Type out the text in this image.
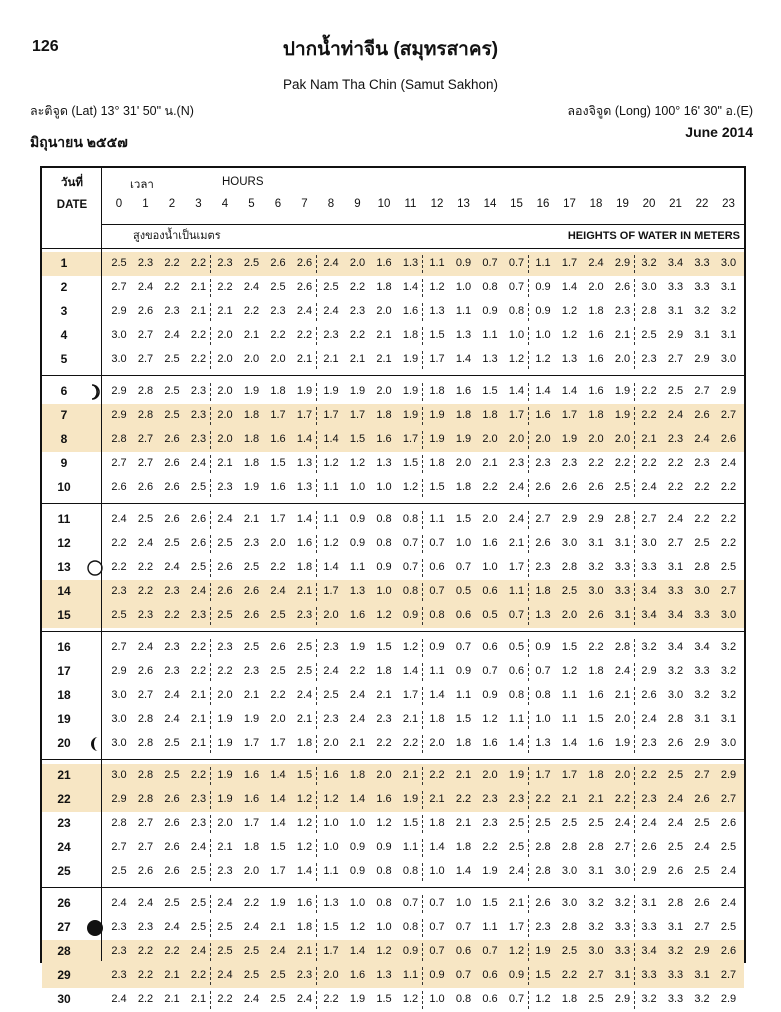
126	ปากน้ำท่าจีน (สมุทรสาคร)
Pak Nam Tha Chin (Samut Sakhon)
ละติจูด (Lat) 13° 31' 50" น.(N)	ลองจิจูด (Long) 100° 16' 30" อ.(E)
มิถุนายน ๒๕๕๗
June 2014
1	2.5	2.3	2.2	2.2	2.3	2.5	2.6	2.6	2.4	2.0	1.6	1.3	1.1	0.9	0.7	0.7	1.1	1.7	2.4	2.9	3.2	3.4	3.3	3.0
2	2.7	2.4	2.2	2.1	2.2	2.4	2.5	2.6	2.5	2.2	1.8	1.4	1.2	1.0	0.8	0.7	0.9	1.4	2.0	2.6	3.0	3.3	3.3	3.1
3	2.9	2.6	2.3	2.1	2.1	2.2	2.3	2.4	2.4	2.3	2.0	1.6	1.3	1.1	0.9	0.8	0.9	1.2	1.8	2.3	2.8	3.1	3.2	3.2
4	3.0	2.7	2.4	2.2	2.0	2.1	2.2	2.2	2.3	2.2	2.1	1.8	1.5	1.3	1.1	1.0	1.0	1.2	1.6	2.1	2.5	2.9	3.1	3.1
5	3.0	2.7	2.5	2.2	2.0	2.0	2.0	2.1	2.1	2.1	2.1	1.9	1.7	1.4	1.3	1.2	1.2	1.3	1.6	2.0	2.3	2.7	2.9	3.0
6	2.9	2.8	2.5	2.3	2.0	1.9	1.8	1.9	1.9	1.9	2.0	1.9	1.8	1.6	1.5	1.4	1.4	1.4	1.6	1.9	2.2	2.5	2.7	2.9
7	2.9	2.8	2.5	2.3	2.0	1.8	1.7	1.7	1.7	1.7	1.8	1.9	1.9	1.8	1.8	1.7	1.6	1.7	1.8	1.9	2.2	2.4	2.6	2.7
8	2.8	2.7	2.6	2.3	2.0	1.8	1.6	1.4	1.4	1.5	1.6	1.7	1.9	1.9	2.0	2.0	2.0	1.9	2.0	2.0	2.1	2.3	2.4	2.6
9	2.7	2.7	2.6	2.4	2.1	1.8	1.5	1.3	1.2	1.2	1.3	1.5	1.8	2.0	2.1	2.3	2.3	2.3	2.2	2.2	2.2	2.2	2.3	2.4
10	2.6	2.6	2.6	2.5	2.3	1.9	1.6	1.3	1.1	1.0	1.0	1.2	1.5	1.8	2.2	2.4	2.6	2.6	2.6	2.5	2.4	2.2	2.2	2.2
11	2.4	2.5	2.6	2.6	2.4	2.1	1.7	1.4	1.1	0.9	0.8	0.8	1.1	1.5	2.0	2.4	2.7	2.9	2.9	2.8	2.7	2.4	2.2	2.2
12	2.2	2.4	2.5	2.6	2.5	2.3	2.0	1.6	1.2	0.9	0.8	0.7	0.7	1.0	1.6	2.1	2.6	3.0	3.1	3.1	3.0	2.7	2.5	2.2
13	2.2	2.2	2.4	2.5	2.6	2.5	2.2	1.8	1.4	1.1	0.9	0.7	0.6	0.7	1.0	1.7	2.3	2.8	3.2	3.3	3.3	3.1	2.8	2.5
14	2.3	2.2	2.3	2.4	2.6	2.6	2.4	2.1	1.7	1.3	1.0	0.8	0.7	0.5	0.6	1.1	1.8	2.5	3.0	3.3	3.4	3.3	3.0	2.7
15	2.5	2.3	2.2	2.3	2.5	2.6	2.5	2.3	2.0	1.6	1.2	0.9	0.8	0.6	0.5	0.7	1.3	2.0	2.6	3.1	3.4	3.4	3.3	3.0
16	2.7	2.4	2.3	2.2	2.3	2.5	2.6	2.5	2.3	1.9	1.5	1.2	0.9	0.7	0.6	0.5	0.9	1.5	2.2	2.8	3.2	3.4	3.4	3.2
17	2.9	2.6	2.3	2.2	2.2	2.3	2.5	2.5	2.4	2.2	1.8	1.4	1.1	0.9	0.7	0.6	0.7	1.2	1.8	2.4	2.9	3.2	3.3	3.2
18	3.0	2.7	2.4	2.1	2.0	2.1	2.2	2.4	2.5	2.4	2.1	1.7	1.4	1.1	0.9	0.8	0.8	1.1	1.6	2.1	2.6	3.0	3.2	3.2
19	3.0	2.8	2.4	2.1	1.9	1.9	2.0	2.1	2.3	2.4	2.3	2.1	1.8	1.5	1.2	1.1	1.0	1.1	1.5	2.0	2.4	2.8	3.1	3.1
20	3.0	2.8	2.5	2.1	1.9	1.7	1.7	1.8	2.0	2.1	2.2	2.2	2.0	1.8	1.6	1.4	1.3	1.4	1.6	1.9	2.3	2.6	2.9	3.0
21	3.0	2.8	2.5	2.2	1.9	1.6	1.4	1.5	1.6	1.8	2.0	2.1	2.2	2.1	2.0	1.9	1.7	1.7	1.8	2.0	2.2	2.5	2.7	2.9
22	2.9	2.8	2.6	2.3	1.9	1.6	1.4	1.2	1.2	1.4	1.6	1.9	2.1	2.2	2.3	2.3	2.2	2.1	2.1	2.2	2.3	2.4	2.6	2.7
23	2.8	2.7	2.6	2.3	2.0	1.7	1.4	1.2	1.0	1.0	1.2	1.5	1.8	2.1	2.3	2.5	2.5	2.5	2.5	2.4	2.4	2.4	2.5	2.6
24	2.7	2.7	2.6	2.4	2.1	1.8	1.5	1.2	1.0	0.9	0.9	1.1	1.4	1.8	2.2	2.5	2.8	2.8	2.8	2.7	2.6	2.5	2.4	2.5
25	2.5	2.6	2.6	2.5	2.3	2.0	1.7	1.4	1.1	0.9	0.8	0.8	1.0	1.4	1.9	2.4	2.8	3.0	3.1	3.0	2.9	2.6	2.5	2.4
26	2.4	2.4	2.5	2.5	2.4	2.2	1.9	1.6	1.3	1.0	0.8	0.7	0.7	1.0	1.5	2.1	2.6	3.0	3.2	3.2	3.1	2.8	2.6	2.4
27	2.3	2.3	2.4	2.5	2.5	2.4	2.1	1.8	1.5	1.2	1.0	0.8	0.7	0.7	1.1	1.7	2.3	2.8	3.2	3.3	3.3	3.1	2.7	2.5
28	2.3	2.2	2.2	2.4	2.5	2.5	2.4	2.1	1.7	1.4	1.2	0.9	0.7	0.6	0.7	1.2	1.9	2.5	3.0	3.3	3.4	3.2	2.9	2.6
29	2.3	2.2	2.1	2.2	2.4	2.5	2.5	2.3	2.0	1.6	1.3	1.1	0.9	0.7	0.6	0.9	1.5	2.2	2.7	3.1	3.3	3.3	3.1	2.7
30	2.4	2.2	2.1	2.1	2.2	2.4	2.5	2.4	2.2	1.9	1.5	1.2	1.0	0.8	0.6	0.7	1.2	1.8	2.5	2.9	3.2	3.3	3.2	2.9
วันที่
DATE
เวลา	HOURS
0	1	2	3	4	5	6	7	8	9	10	11	12	13	14	15	16	17	18	19	20	21	22	23
สูงของน้ำเป็นเมตร	HEIGHTS OF WATER IN METERS
